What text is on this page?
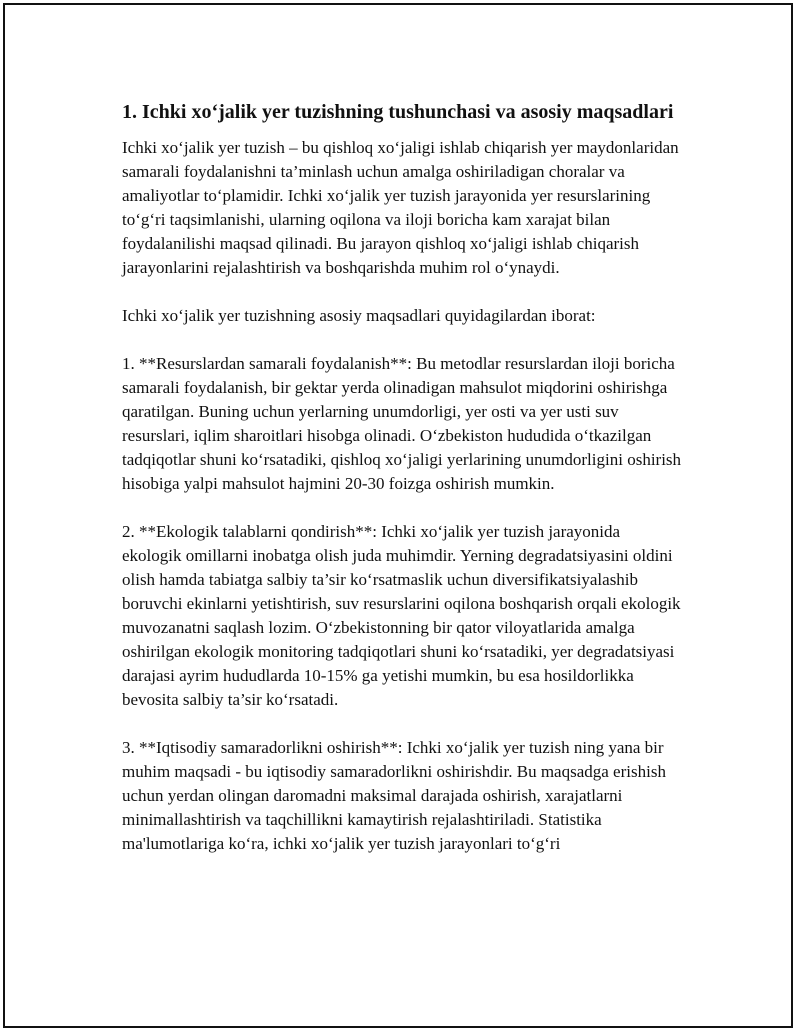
1. Ichki xo‘jalik yer tuzishning tushunchasi va asosiy maqsadlari

Ichki xo‘jalik yer tuzish – bu qishloq xo‘jaligi ishlab chiqarish yer maydonlaridan samarali foydalanishni ta’minlash uchun amalga oshiriladigan choralar va amaliyotlar to‘plamidir. Ichki xo‘jalik yer tuzish jarayonida yer resurslarining to‘g‘ri taqsimlanishi, ularning oqilona va iloji boricha kam xarajat bilan foydalanilishi maqsad qilinadi. Bu jarayon qishloq xo‘jaligi ishlab chiqarish jarayonlarini rejalashtirish va boshqarishda muhim rol o‘ynaydi.

Ichki xo‘jalik yer tuzishning asosiy maqsadlari quyidagilardan iborat:

1. **Resurslardan samarali foydalanish**: Bu metodlar resurslardan iloji boricha samarali foydalanish, bir gektar yerda olinadigan mahsulot miqdorini oshirishga qaratilgan. Buning uchun yerlarning unumdorligi, yer osti va yer usti suv resurslari, iqlim sharoitlari hisobga olinadi. O‘zbekiston hududida o‘tkazilgan tadqiqotlar shuni ko‘rsatadiki, qishloq xo‘jaligi yerlarining unumdorligini oshirish hisobiga yalpi mahsulot hajmini 20-30 foizga oshirish mumkin.

2. **Ekologik talablarni qondirish**: Ichki xo‘jalik yer tuzish jarayonida ekologik omillarni inobatga olish juda muhimdir. Yerning degradatsiyasini oldini olish hamda tabiatga salbiy ta’sir ko‘rsatmaslik uchun diversifikatsiyalashib boruvchi ekinlarni yetishtirish, suv resurslarini oqilona boshqarish orqali ekologik muvozanatni saqlash lozim. O‘zbekistonning bir qator viloyatlarida amalga oshirilgan ekologik monitoring tadqiqotlari shuni ko‘rsatadiki, yer degradatsiyasi darajasi ayrim hududlarda 10-15% ga yetishi mumkin, bu esa hosildorlikka bevosita salbiy ta’sir ko‘rsatadi.

3. **Iqtisodiy samaradorlikni oshirish**: Ichki xo‘jalik yer tuzish ning yana bir muhim maqsadi - bu iqtisodiy samaradorlikni oshirishdir. Bu maqsadga erishish uchun yerdan olingan daromadni maksimal darajada oshirish, xarajatlarni minimallashtirish va taqchillikni kamaytirish rejalashtiriladi. Statistika ma'lumotlariga ko‘ra, ichki xo‘jalik yer tuzish jarayonlari to‘g‘ri
